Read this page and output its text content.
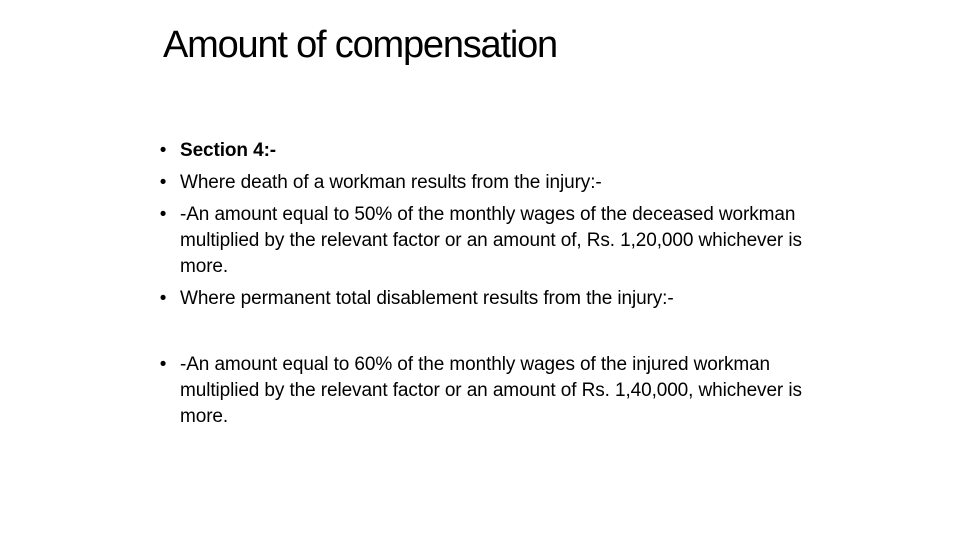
Amount of compensation
• Section 4:-
• Where death of a workman results from the injury:-
• -An amount equal to 50% of the monthly wages of the deceased workman multiplied by the relevant factor or an amount of, Rs. 1,20,000 whichever is more.
• Where permanent total disablement results from the injury:-
• -An amount equal to 60% of the monthly wages of the injured workman multiplied by the relevant factor or an amount of Rs. 1,40,000, whichever is more.
